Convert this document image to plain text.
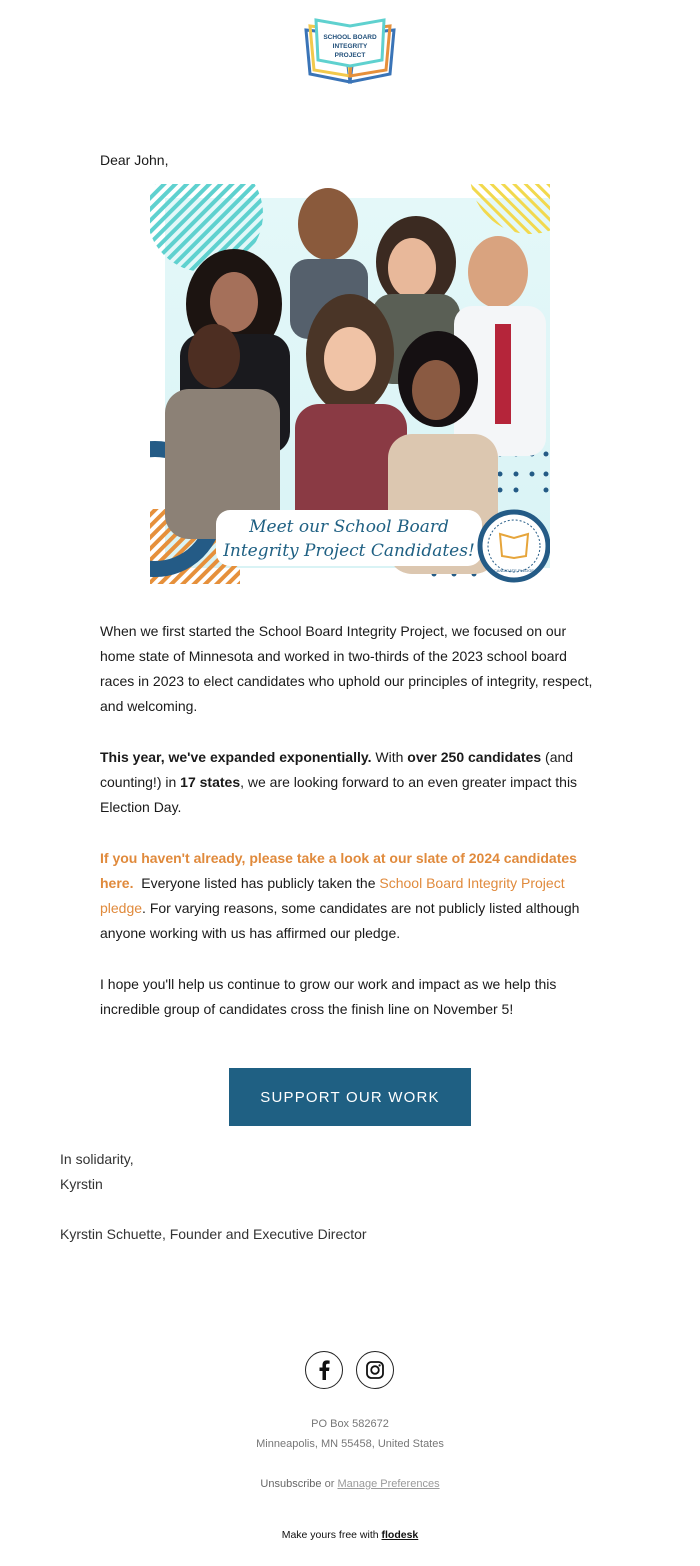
SCHOOL BOARD
INTEGRITY
PROJECT
Dear John,
Meet our School Board
Integrity Project Candidates!
CANDIDATE PLEDGE

When we first started the School Board Integrity Project, we focused on our home state of Minnesota and worked in two-thirds of the 2023 school board races in 2023 to elect candidates who uphold our principles of integrity, respect, and welcoming.

This year, we've expanded exponentially. With over 250 candidates (and counting!) in 17 states, we are looking forward to an even greater impact this Election Day.

If you haven't already, please take a look at our slate of 2024 candidates here.  Everyone listed has publicly taken the School Board Integrity Project pledge. For varying reasons, some candidates are not publicly listed although anyone working with us has affirmed our pledge.

I hope you'll help us continue to grow our work and impact as we help this incredible group of candidates cross the finish line on November 5!

SUPPORT OUR WORK
In solidarity,
Kyrstin
Kyrstin Schuette, Founder and Executive Director
PO Box 582672
Minneapolis, MN 55458, United States
Unsubscribe or Manage Preferences
Make yours free with flodesk
